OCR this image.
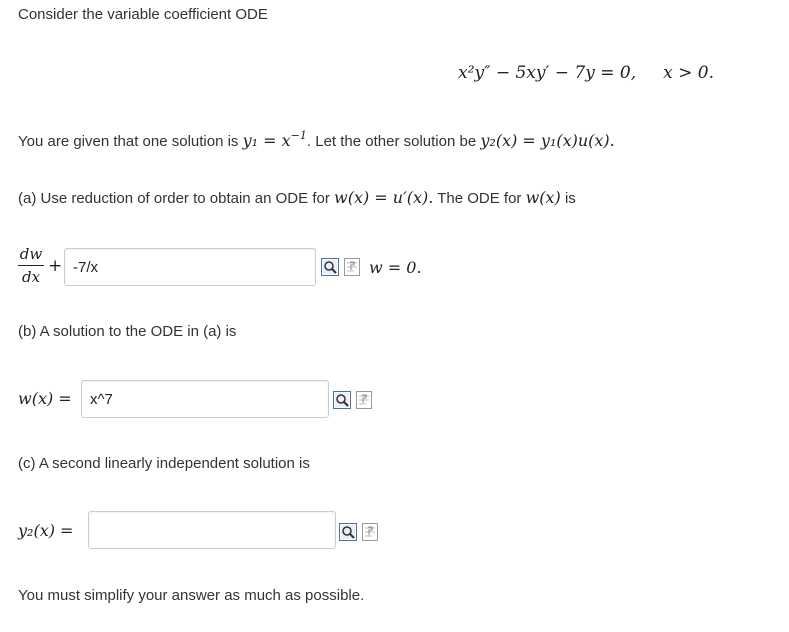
Consider the variable coefficient ODE
x²y″ − 5xy′ − 7y = 0, x > 0.
You are given that one solution is $y_1 = x^{-1}$. Let the other solution be y₂(x) = y₁(x)u(x).
(a) Use reduction of order to obtain an ODE for w(x) = u′(x). The ODE for w(x) is
dw
dx
+
-7/x	w = 0.
(b) A solution to the ODE in (a) is
w(x) =
x^7
(c) A second linearly independent solution is
y₂(x) =
You must simplify your answer as much as possible.
